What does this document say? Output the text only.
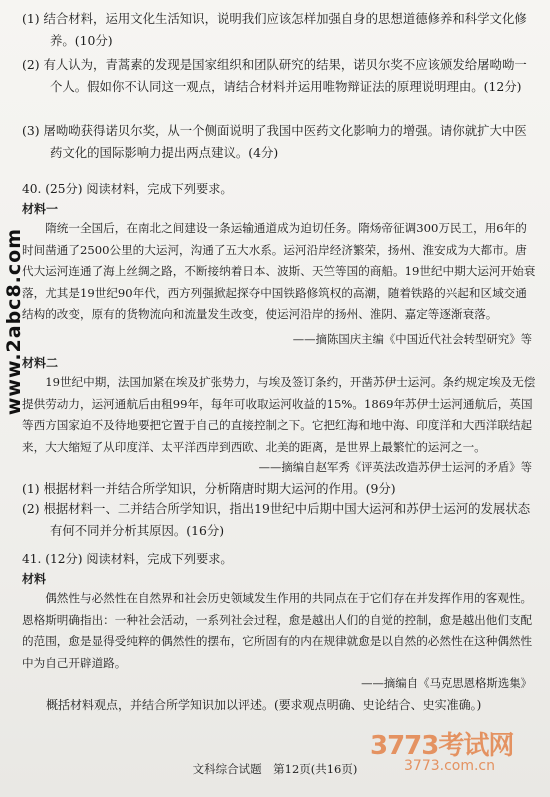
(1) 结合材料，运用文化生活知识，说明我们应该怎样加强自身的思想道德修养和科学文化修养。(10分)
(2) 有人认为，青蒿素的发现是国家组织和团队研究的结果，诺贝尔奖不应该颁发给屠呦呦一个人。假如你不认同这一观点，请结合材料并运用唯物辩证法的原理说明理由。(12分)
(3) 屠呦呦获得诺贝尔奖，从一个侧面说明了我国中医药文化影响力的增强。请你就扩大中医药文化的国际影响力提出两点建议。(4分)
40. (25分) 阅读材料，完成下列要求。
材料一
隋统一全国后，在南北之间建设一条运输通道成为迫切任务。隋炀帝征调300万民工，用6年的时间凿通了2500公里的大运河，沟通了五大水系。运河沿岸经济繁荣，扬州、淮安成为大都市。唐代大运河连通了海上丝绸之路，不断接纳着日本、波斯、天竺等国的商船。19世纪中期大运河开始衰落，尤其是19世纪90年代，西方列强掀起探夺中国铁路修筑权的高潮，随着铁路的兴起和区域交通结构的改变，原有的货物流向和流量发生改变，使运河沿岸的扬州、淮阴、嘉定等逐渐衰落。
——摘陈国庆主编《中国近代社会转型研究》等
材料二
19世纪中期，法国加紧在埃及扩张势力，与埃及签订条约，开凿苏伊士运河。条约规定埃及无偿提供劳动力，运河通航后由租99年，每年可收取运河收益的15%。1869年苏伊士运河通航后，英国等西方国家迫不及待地要把它置于自己的直接控制之下。它把红海和地中海、印度洋和大西洋联结起来，大大缩短了从印度洋、太平洋西岸到西欧、北美的距离，是世界上最繁忙的运河之一。
——摘编自赵军秀《评英法改造苏伊士运河的矛盾》等
(1) 根据材料一并结合所学知识，分析隋唐时期大运河的作用。(9分)
(2) 根据材料一、二并结合所学知识，指出19世纪中后期中国大运河和苏伊士运河的发展状态有何不同并分析其原因。(16分)
41. (12分) 阅读材料，完成下列要求。
材料
偶然性与必然性在自然界和社会历史领域发生作用的共同点在于它们存在并发挥作用的客观性。恩格斯明确指出：一种社会活动，一系列社会过程，愈是越出人们的自觉的控制，愈是越出他们支配的范围，愈是显得受纯粹的偶然性的摆布，它所固有的内在规律就愈是以自然的必然性在这种偶然性中为自己开辟道路。
——摘编自《马克思恩格斯选集》
概括材料观点，并结合所学知识加以评述。(要求观点明确、史论结合、史实准确。)
www.2abc8.com
3773考试网
3773.com.cn
文科综合试题　第12页(共16页)
